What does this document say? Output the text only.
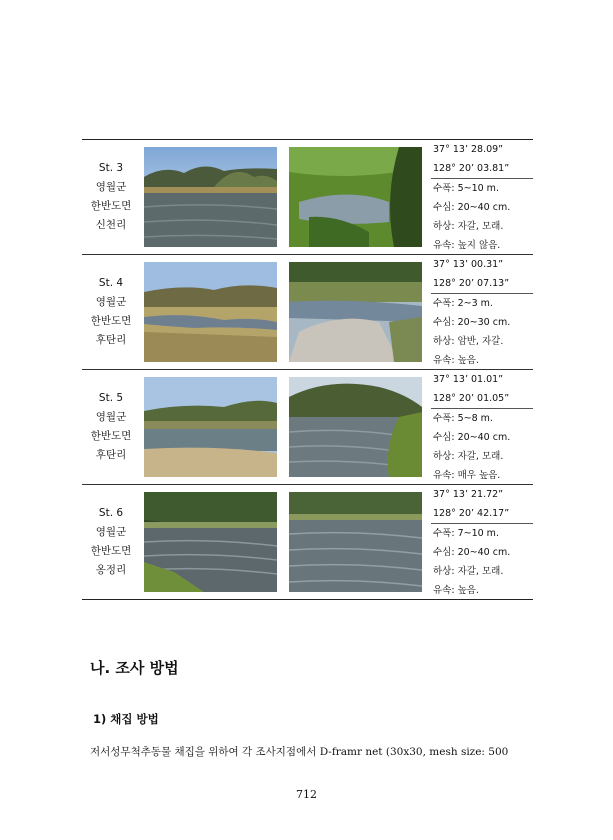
St. 3
영월군
한반도면
신천리
37° 13’ 28.09”
128° 20’ 03.81”
수폭: 5~10 m.
수심: 20~40 cm.
하상: 자갈, 모래.
유속: 높지 않음.
St. 4
영월군
한반도면
후탄리
37° 13’ 00.31”
128° 20’ 07.13”
수폭: 2~3 m.
수심: 20~30 cm.
하상: 암반, 자갈.
유속: 높음.
St. 5
영월군
한반도면
후탄리
37° 13’ 01.01”
128° 20’ 01.05”
수폭: 5~8 m.
수심: 20~40 cm.
하상: 자갈, 모래.
유속: 매우 높음.
St. 6
영월군
한반도면
옹정리
37° 13’ 21.72”
128° 20’ 42.17”
수폭: 7~10 m.
수심: 20~40 cm.
하상: 자갈, 모래.
유속: 높음.
나. 조사 방법
1) 채집 방법
저서성무척추동물 채집을 위하여 각 조사지점에서 D-framr net (30x30, mesh size: 500
712
